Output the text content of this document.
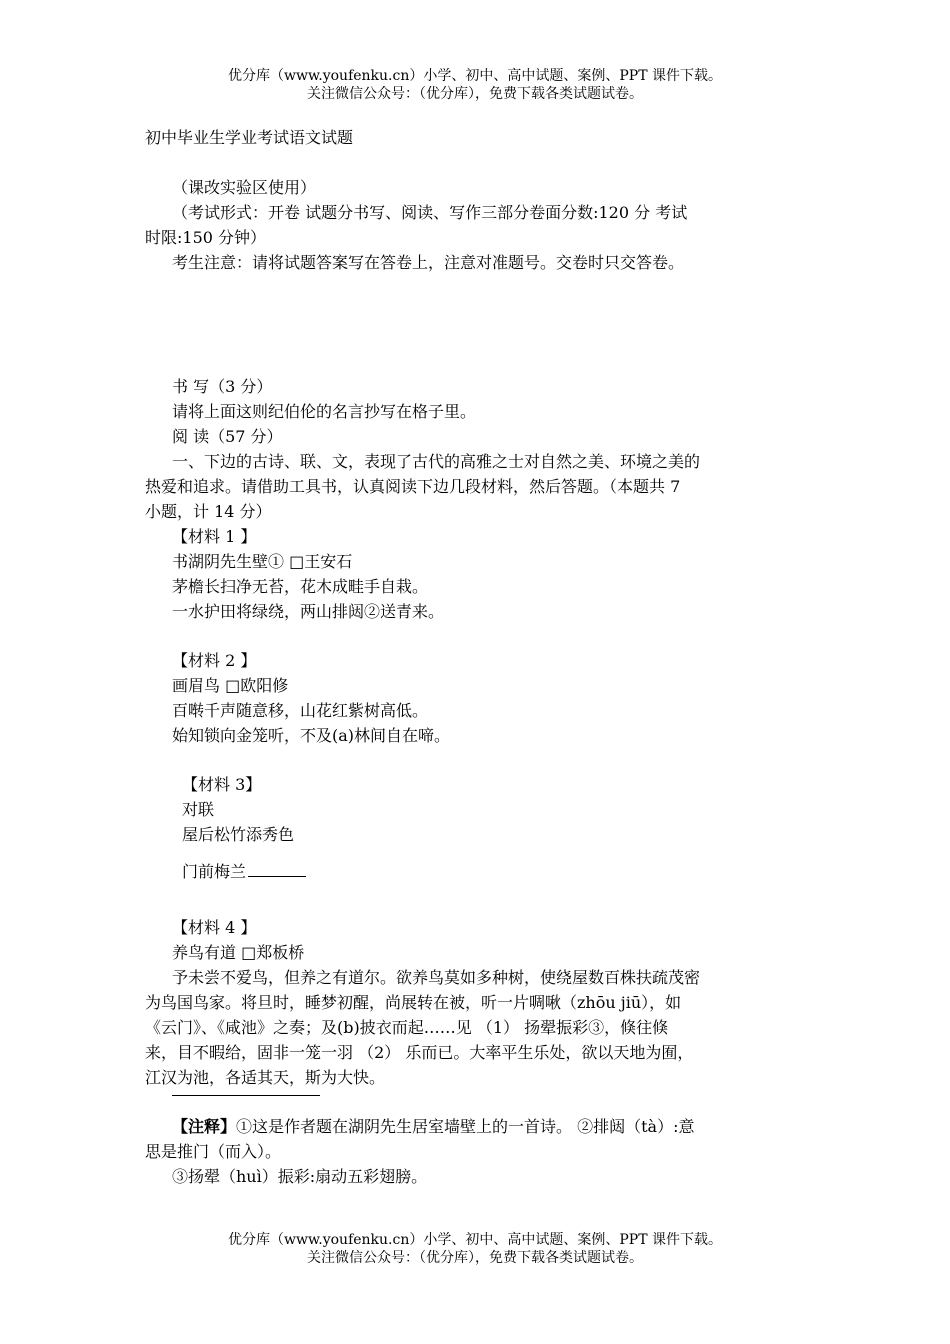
优分库（www.youfenku.cn）小学、初中、高中试题、案例、PPT 课件下载。
关注微信公众号：（优分库），免费下载各类试题试卷。
初中毕业生学业考试语文试题
（课改实验区使用）
（考试形式：开卷 试题分书写、阅读、写作三部分卷面分数:120 分 考试
时限:150 分钟）
考生注意：请将试题答案写在答卷上，注意对准题号。交卷时只交答卷。
书 写（3 分）
请将上面这则纪伯伦的名言抄写在格子里。
阅 读（57 分）
一、下边的古诗、联、文，表现了古代的高雅之士对自然之美、环境之美的
热爱和追求。请借助工具书，认真阅读下边几段材料，然后答题。（本题共 7
小题，计 14 分）
【材料 1 】
书湖阴先生壁① □王安石
茅檐长扫净无苔，花木成畦手自栽。
一水护田将绿绕，两山排闼②送青来。
【材料 2 】
画眉鸟 □欧阳修
百啭千声随意移，山花红紫树高低。
始知锁向金笼听，不及(a)林间自在啼。
【材料 3】
对联
屋后松竹添秀色
门前梅兰
【材料 4 】
养鸟有道 □郑板桥
予未尝不爱鸟，但养之有道尔。欲养鸟莫如多种树，使绕屋数百株扶疏茂密
为鸟国鸟家。将旦时，睡梦初醒，尚展转在被，听一片啁啾（zhōu jiū），如
《云门》、《咸池》之奏；及(b)披衣而起……见 （1） 扬翚振彩③，倏往倏
来，目不暇给，固非一笼一羽 （2） 乐而已。大率平生乐处，欲以天地为囿，
江汉为池，各适其天，斯为大快。
【注释】①这是作者题在湖阴先生居室墙壁上的一首诗。 ②排闼（tà）:意
思是推门（而入）。
③扬翚（huì）振彩:扇动五彩翅膀。
优分库（www.youfenku.cn）小学、初中、高中试题、案例、PPT 课件下载。
关注微信公众号：（优分库），免费下载各类试题试卷。
